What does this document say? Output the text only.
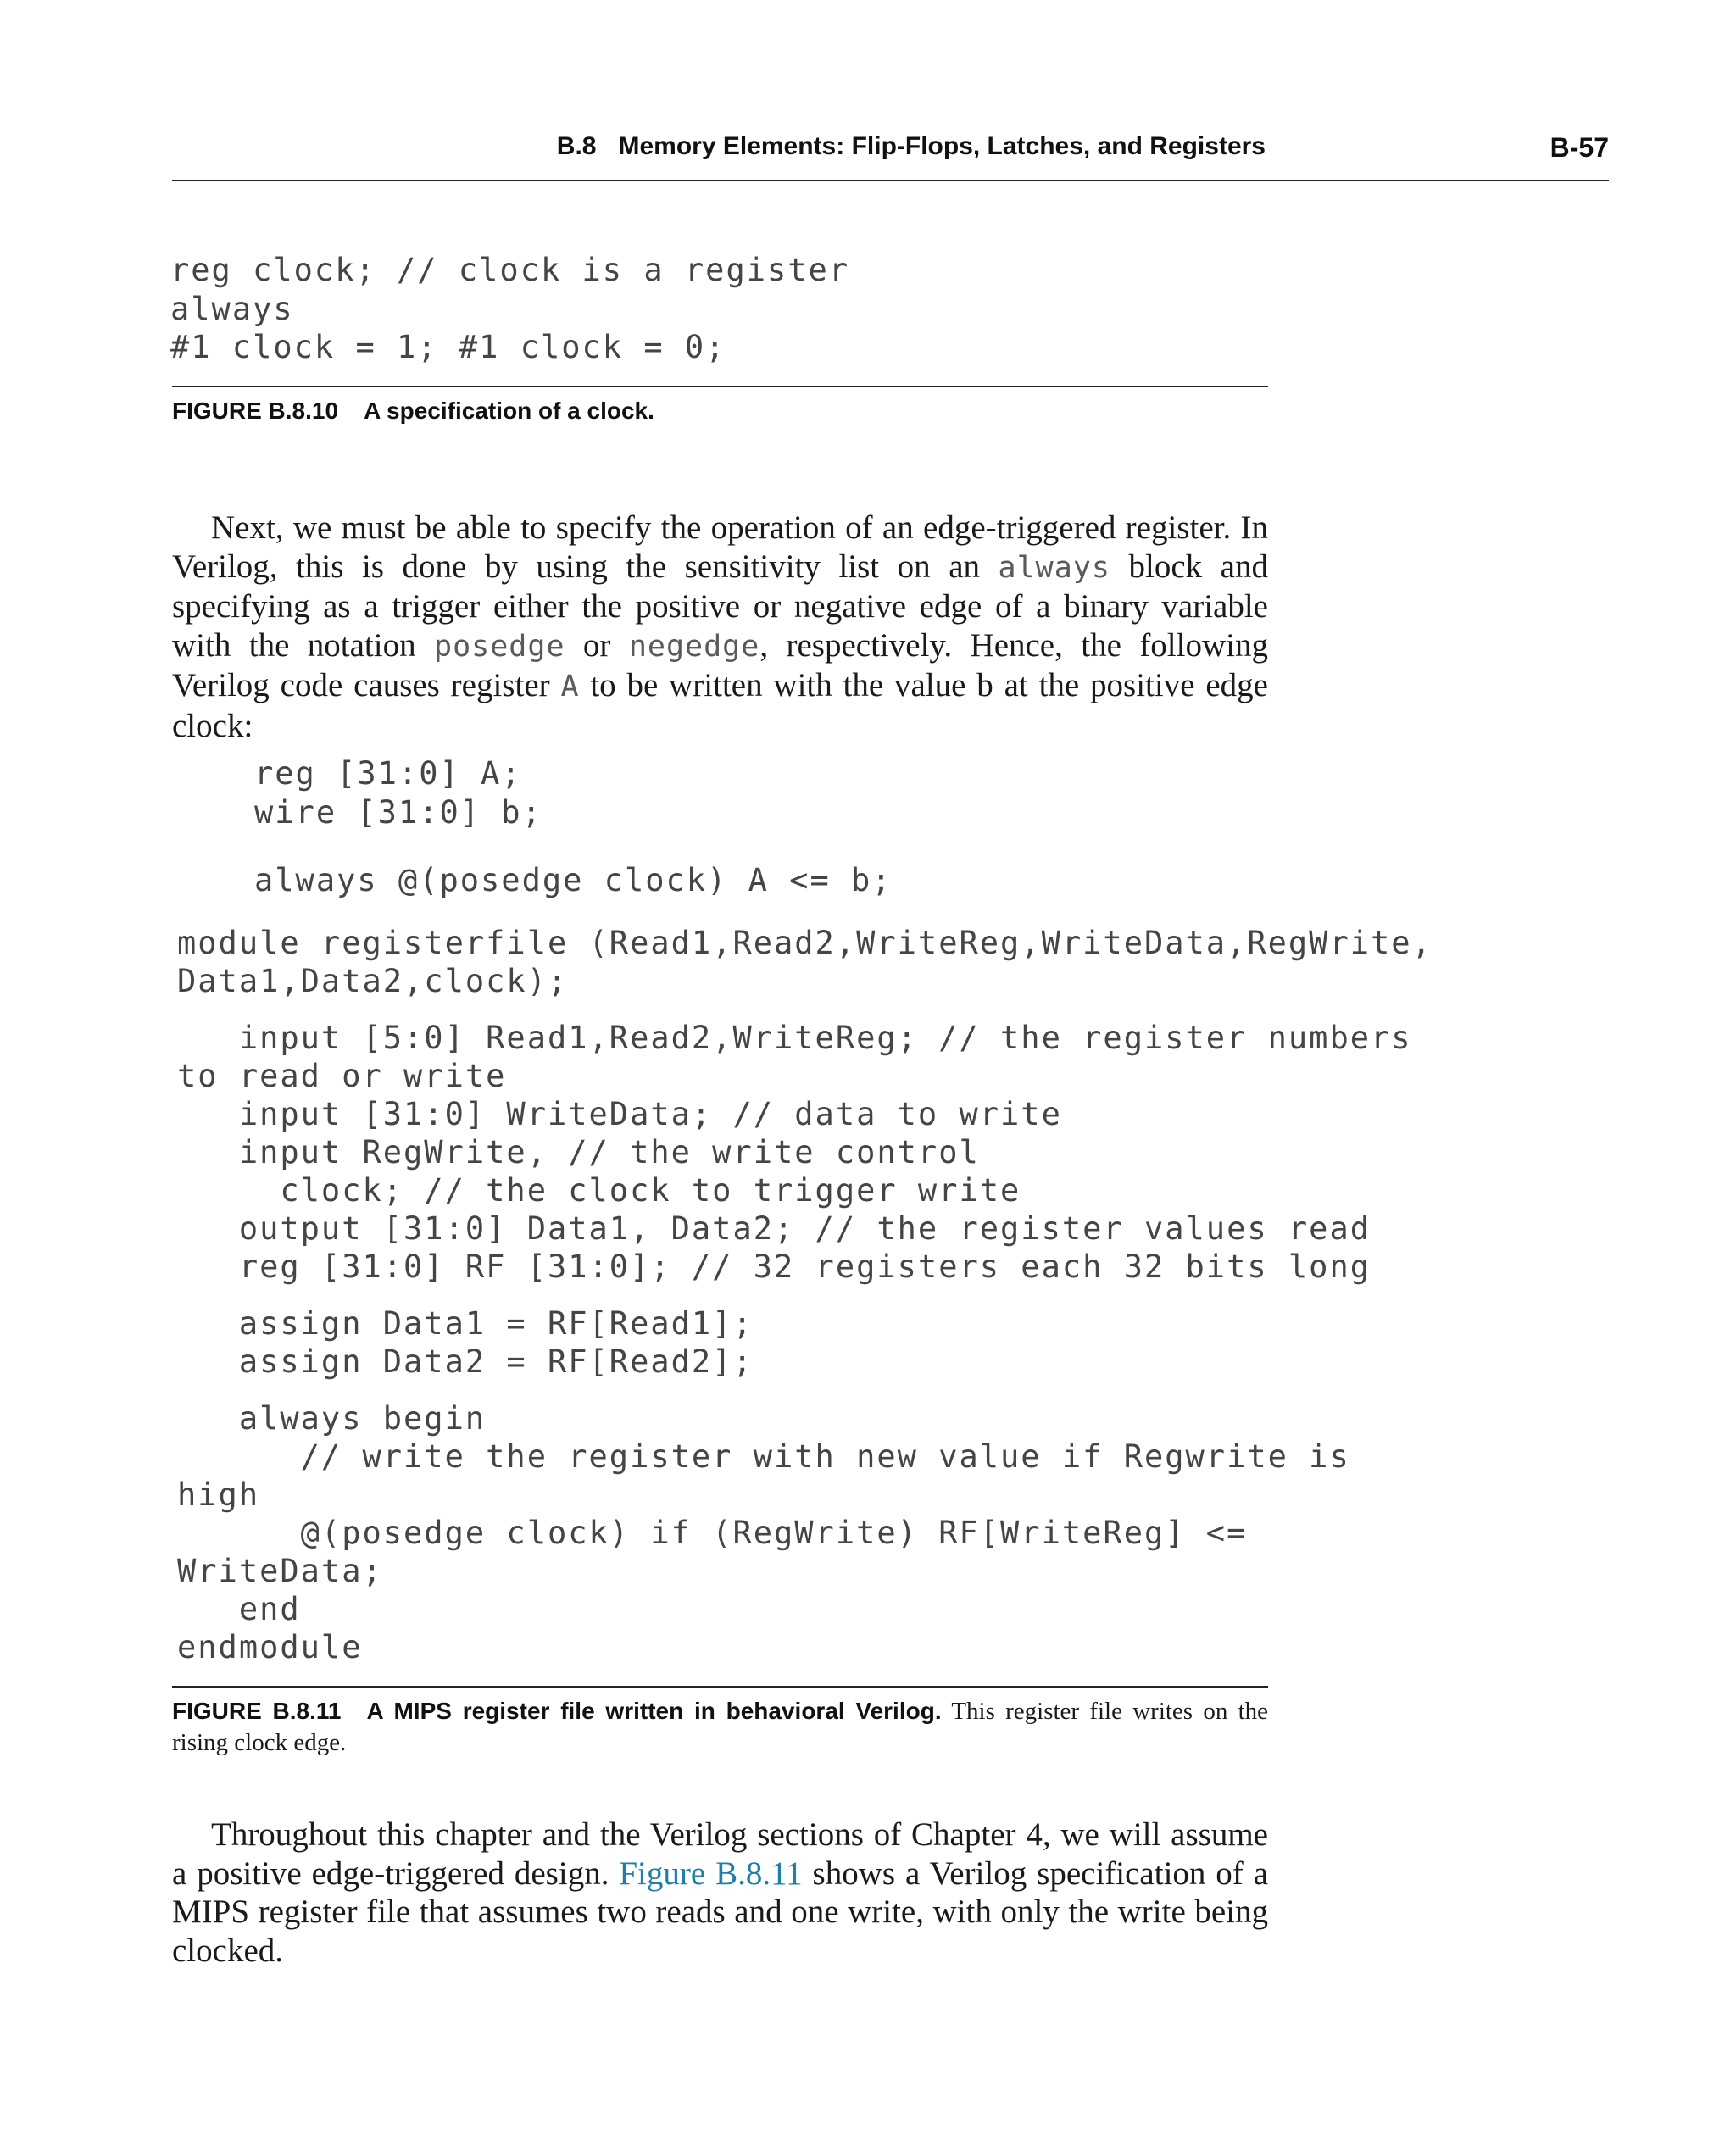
B.8 Memory Elements: Flip-Flops, Latches, and Registers	B-57
reg clock; // clock is a register
always
#1 clock = 1; #1 clock = 0;
FIGURE B.8.10 A specification of a clock.

Next, we must be able to specify the operation of an edge-triggered register. In Verilog, this is done by using the sensitivity list on an always block and specifying as a trigger either the positive or negative edge of a binary variable with the notation posedge or negedge, respectively. Hence, the following Verilog code causes register A to be written with the value b at the positive edge clock:

reg [31:0] A;
wire [31:0] b;

always @(posedge clock) A <= b;
module registerfile (Read1,Read2,WriteReg,WriteData,RegWrite,
Data1,Data2,clock);

input [5:0] Read1,Read2,WriteReg; // the register numbers
to read or write
input [31:0] WriteData; // data to write
input RegWrite, // the write control
clock; // the clock to trigger write
output [31:0] Data1, Data2; // the register values read
reg [31:0] RF [31:0]; // 32 registers each 32 bits long

assign Data1 = RF[Read1];
assign Data2 = RF[Read2];

always begin
// write the register with new value if Regwrite is
high
@(posedge clock) if (RegWrite) RF[WriteReg] <=
WriteData;
end
endmodule
FIGURE B.8.11 A MIPS register file written in behavioral Verilog. This register file writes on the rising clock edge.

Throughout this chapter and the Verilog sections of Chapter 4, we will assume a positive edge-triggered design. Figure B.8.11 shows a Verilog specification of a MIPS register file that assumes two reads and one write, with only the write being clocked.
